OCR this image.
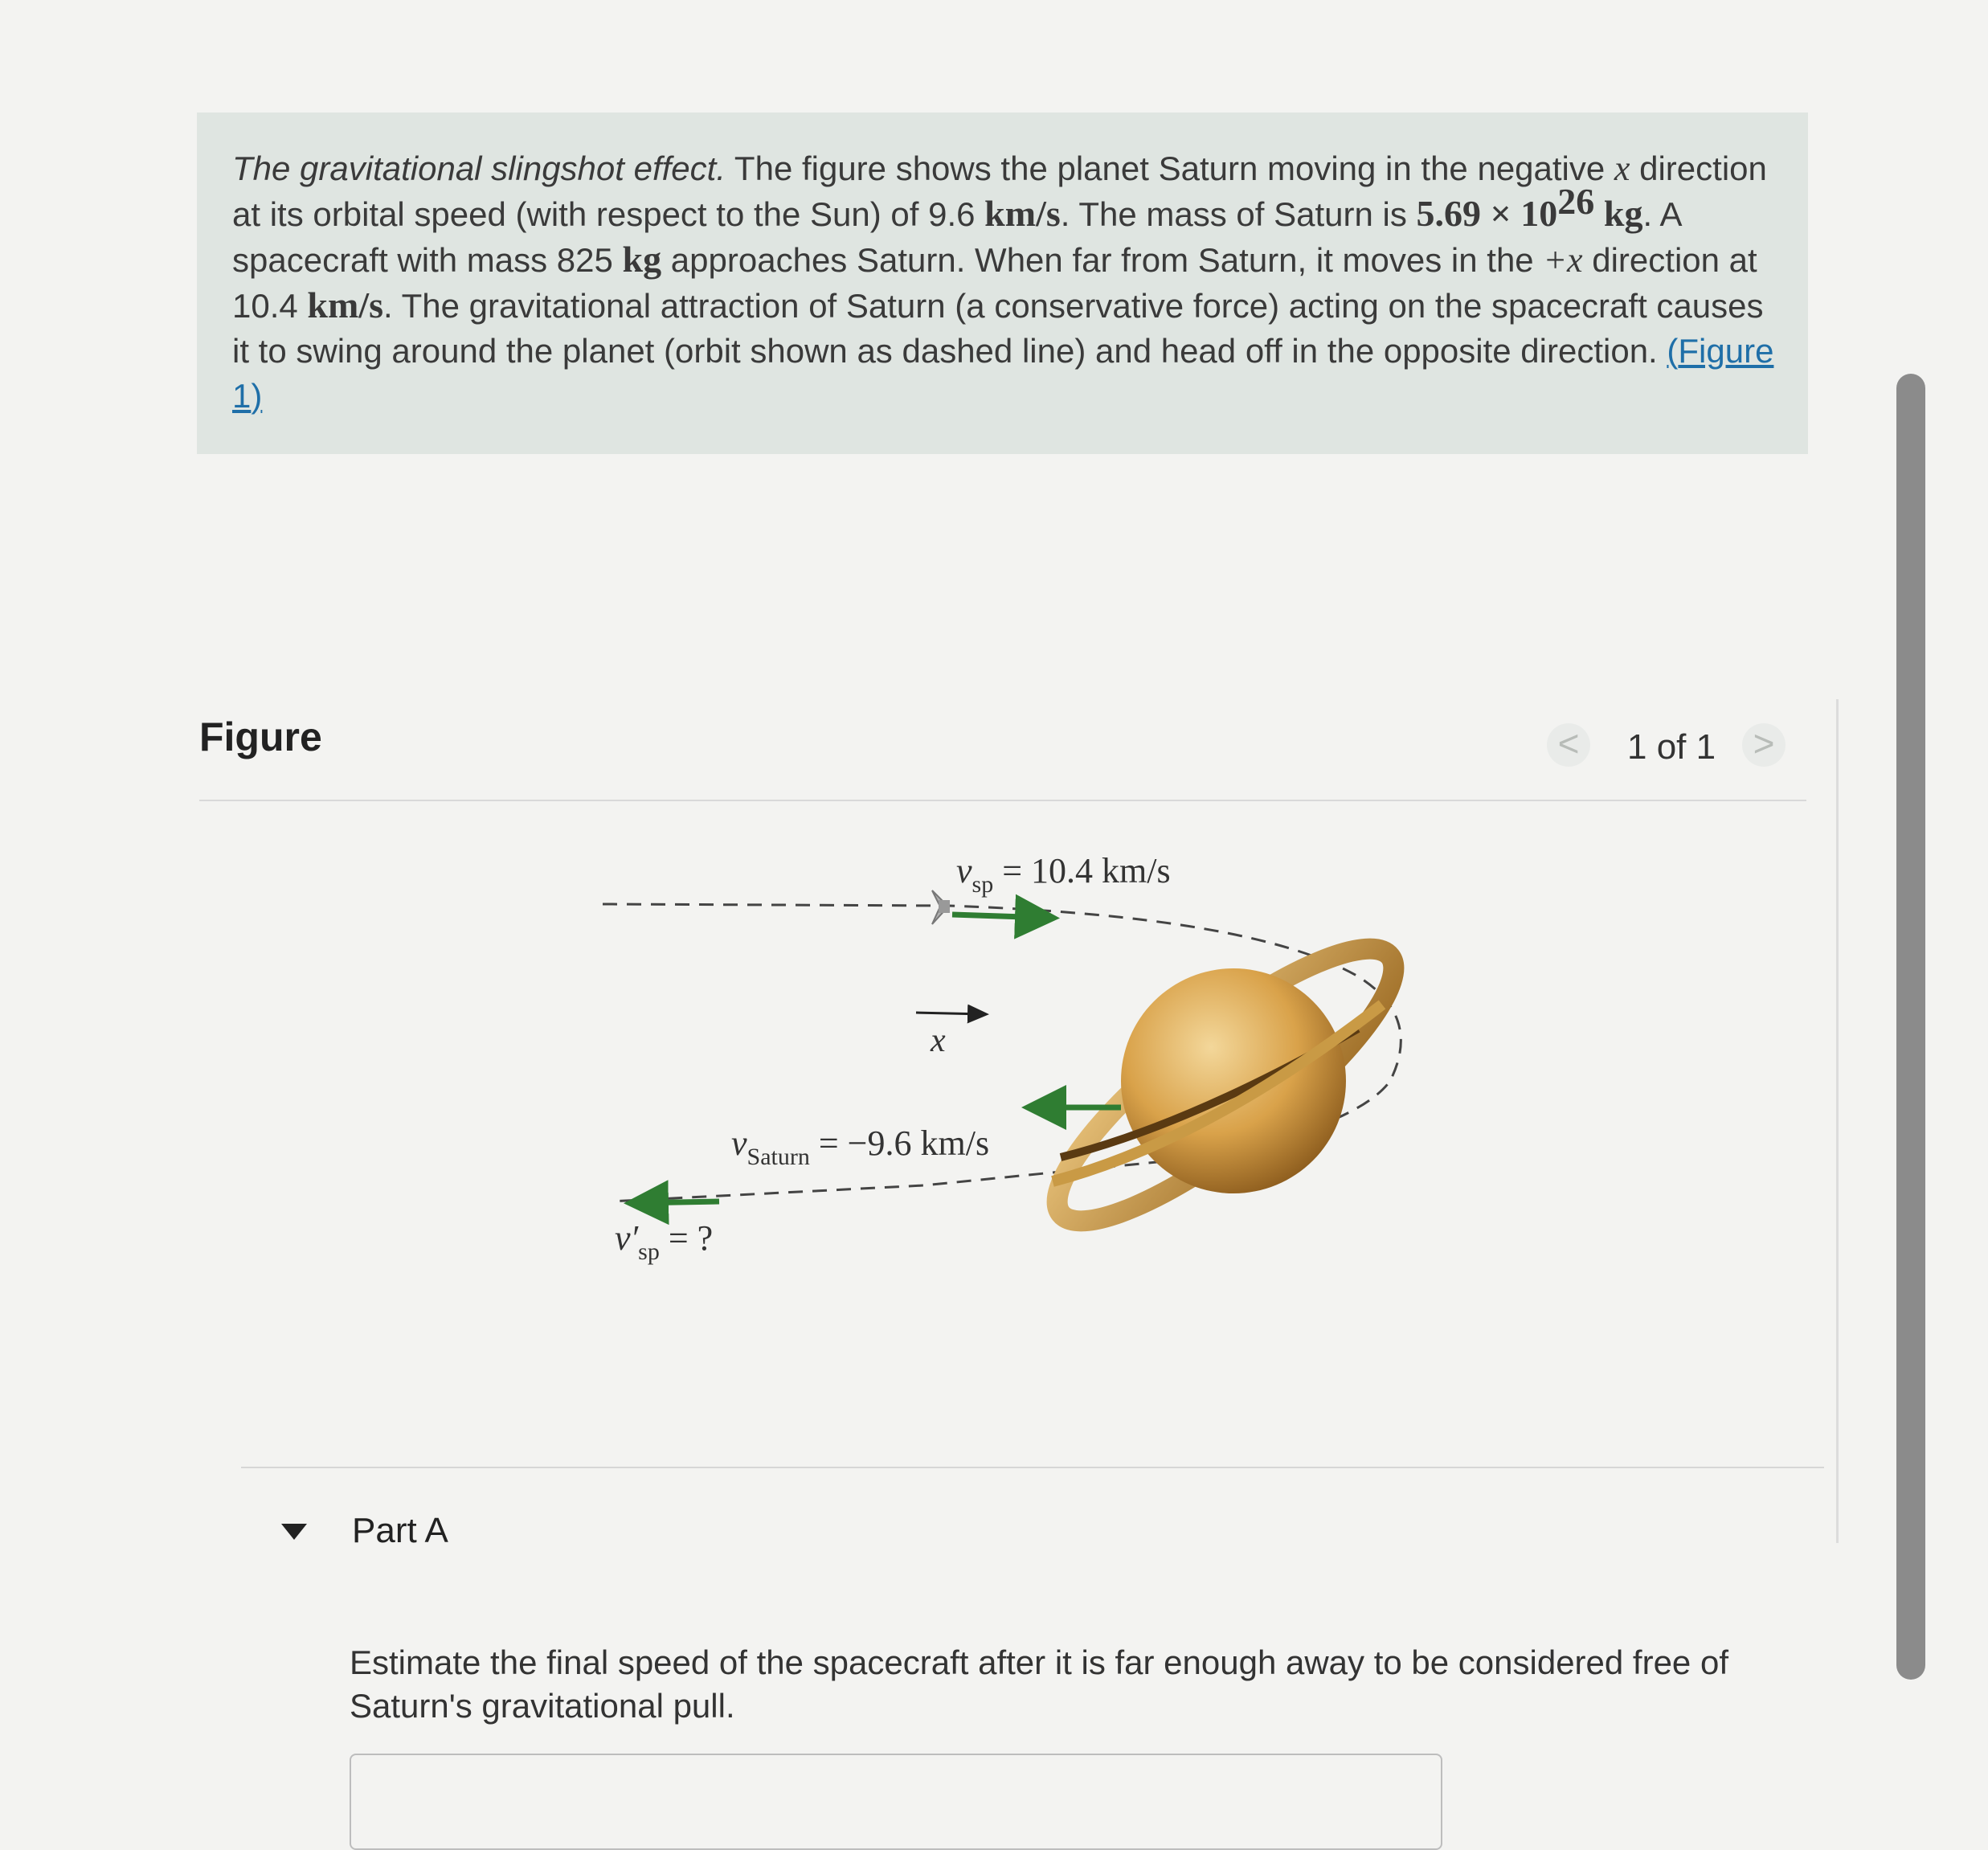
The gravitational slingshot effect. The figure shows the planet Saturn moving in the negative x direction at its orbital speed (with respect to the Sun) of 9.6 km/s. The mass of Saturn is $5.69 \times 10^{26}$ kg. A spacecraft with mass 825 kg approaches Saturn. When far from Saturn, it moves in the +x direction at 10.4 km/s. The gravitational attraction of Saturn (a conservative force) acting on the spacecraft causes it to swing around the planet (orbit shown as dashed line) and head off in the opposite direction. (Figure 1)

Figure	<	1 of 1 >
$v_{sp} = 10.4$ km/s
x
$v_{Saturn} = -9.6$ km/s
$v'_{sp}$ = ?
Part A

Estimate the final speed of the spacecraft after it is far enough away to be considered free of Saturn's gravitational pull.
